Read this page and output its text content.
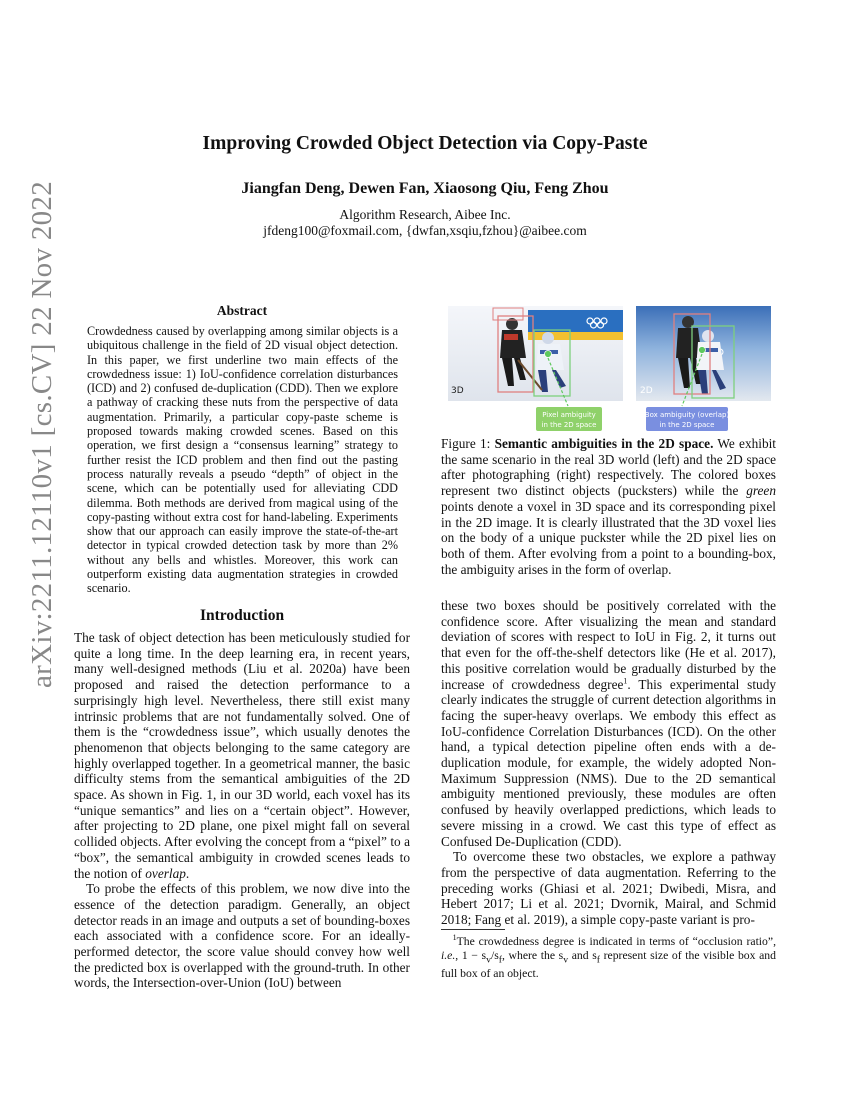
arXiv:2211.12110v1 [cs.CV] 22 Nov 2022
Improving Crowded Object Detection via Copy-Paste
Jiangfan Deng, Dewen Fan, Xiaosong Qiu, Feng Zhou
Algorithm Research, Aibee Inc.
jfdeng100@foxmail.com, {dwfan,xsqiu,fzhou}@aibee.com
Abstract
Crowdedness caused by overlapping among similar objects is a ubiquitous challenge in the field of 2D visual object detection. In this paper, we first underline two main effects of the crowdedness issue: 1) IoU-confidence correlation disturbances (ICD) and 2) confused de-duplication (CDD). Then we explore a pathway of cracking these nuts from the perspective of data augmentation. Primarily, a particular copy-paste scheme is proposed towards making crowded scenes. Based on this operation, we first design a “consensus learning” strategy to further resist the ICD problem and then find out the pasting process naturally reveals a pseudo “depth” of object in the scene, which can be potentially used for alleviating CDD dilemma. Both methods are derived from magical using of the copy-pasting without extra cost for hand-labeling. Experiments show that our approach can easily improve the state-of-the-art detector in typical crowded detection task by more than 2% without any bells and whistles. Moreover, this work can outperform existing data augmentation strategies in crowded scenario.
Introduction

The task of object detection has been meticulously studied for quite a long time. In the deep learning era, in recent years, many well-designed methods (Liu et al. 2020a) have been proposed and raised the detection performance to a surprisingly high level. Nevertheless, there still exist many intrinsic problems that are not fundamentally solved. One of them is the “crowdedness issue”, which usually denotes the phenomenon that objects belonging to the same category are highly overlapped together. In a geometrical manner, the basic difficulty stems from the semantical ambiguities of the 2D space. As shown in Fig. 1, in our 3D world, each voxel has its “unique semantics” and lies on a “certain object”. However, after projecting to 2D plane, one pixel might fall on several collided objects. After evolving the concept from a “pixel” to a “box”, the semantical ambiguity in crowded scenes leads to the notion of overlap.

To probe the effects of this problem, we now dive into the essence of the detection paradigm. Generally, an object detector reads in an image and outputs a set of bounding-boxes each associated with a confidence score. For an ideally-performed detector, the score value should convey how well the predicted box is overlapped with the ground-truth. In other words, the Intersection-over-Union (IoU) between

3D	2D
Pixel ambiguity
in the 2D space
Box ambiguity (overlap)
in the 2D space
Figure 1: Semantic ambiguities in the 2D space. We exhibit the same scenario in the real 3D world (left) and the 2D space after photographing (right) respectively. The colored boxes represent two distinct objects (pucksters) while the green points denote a voxel in 3D space and its corresponding pixel in the 2D image. It is clearly illustrated that the 3D voxel lies on the body of a unique puckster while the 2D pixel lies on both of them. After evolving from a point to a bounding-box, the ambiguity arises in the form of overlap.

these two boxes should be positively correlated with the confidence score. After visualizing the mean and standard deviation of scores with respect to IoU in Fig. 2, it turns out that even for the off-the-shelf detectors like (He et al. 2017), this positive correlation would be gradually disturbed by the increase of crowdedness degree$^1$. This experimental study clearly indicates the struggle of current detection algorithms in facing the super-heavy overlaps. We embody this effect as IoU-confidence Correlation Disturbances (ICD). On the other hand, a typical detection pipeline often ends with a de-duplication module, for example, the widely adopted Non-Maximum Suppression (NMS). Due to the 2D semantical ambiguity mentioned previously, these modules are often confused by heavily overlapped predictions, which leads to severe missing in a crowd. We cast this type of effect as Confused De-Duplication (CDD).

To overcome these two obstacles, we explore a pathway from the perspective of data augmentation. Referring to the preceding works (Ghiasi et al. 2021; Dwibedi, Misra, and Hebert 2017; Li et al. 2021; Dvornik, Mairal, and Schmid 2018; Fang et al. 2019), a simple copy-paste variant is pro-

$^1$The crowdedness degree is indicated in terms of “occlusion ratio”, i.e., $1 - s_v/s_f$, where the $s_v$ and $s_f$ represent size of the visible box and full box of an object.
